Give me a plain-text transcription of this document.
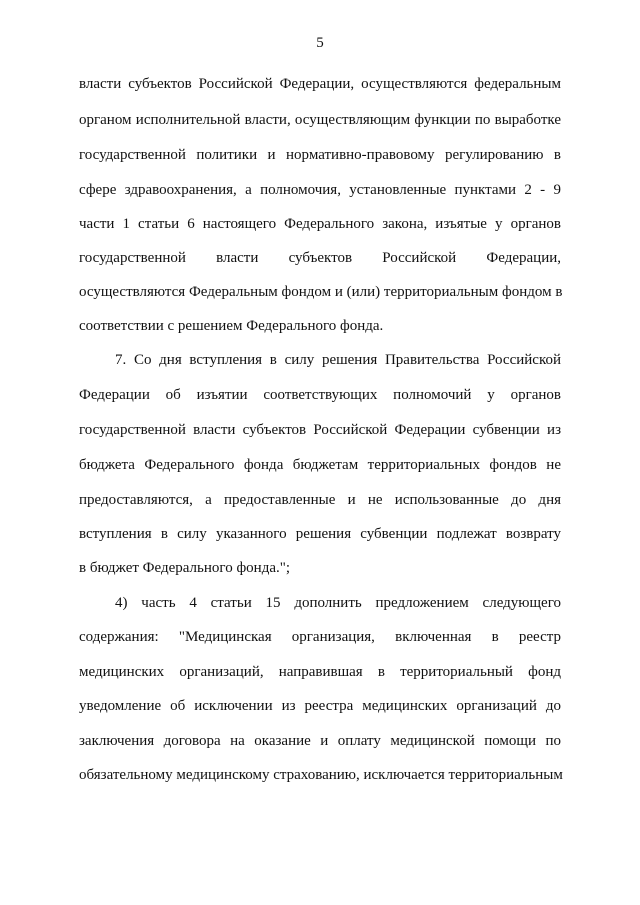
5
власти субъектов Российской Федерации, осуществляются федеральным
органом исполнительной власти, осуществляющим функции по выработке
государственной политики и нормативно-правовому регулированию в
сфере здравоохранения, а полномочия, установленные пунктами 2 - 9
части 1 статьи 6 настоящего Федерального закона, изъятые у органов
государственной власти субъектов Российской Федерации,
осуществляются Федеральным фондом и (или) территориальным фондом в
соответствии с решением Федерального фонда.
7. Со дня вступления в силу решения Правительства Российской
Федерации об изъятии соответствующих полномочий у органов
государственной власти субъектов Российской Федерации субвенции из
бюджета Федерального фонда бюджетам территориальных фондов не
предоставляются, а предоставленные и не использованные до дня
вступления в силу указанного решения субвенции подлежат возврату
в бюджет Федерального фонда.";
4) часть 4 статьи 15 дополнить предложением следующего
содержания: "Медицинская организация, включенная в реестр
медицинских организаций, направившая в территориальный фонд
уведомление об исключении из реестра медицинских организаций до
заключения договора на оказание и оплату медицинской помощи по
обязательному медицинскому страхованию, исключается территориальным
